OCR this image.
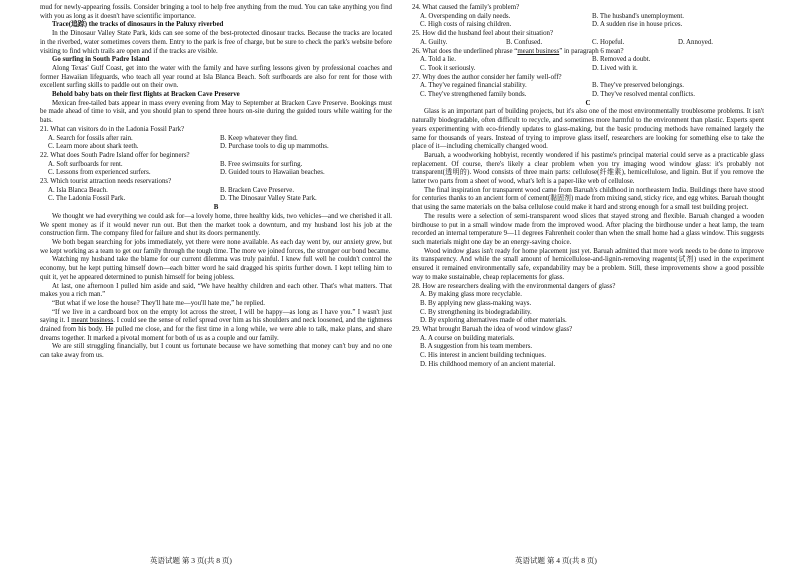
mud for newly-appearing fossils. Consider bringing a tool to help free anything from the mud. You can take anything you find with you as long as it doesn't have scientific importance.

Trace(追踪) the tracks of dinosaurs in the Paluxy riverbed

In the Dinosaur Valley State Park, kids can see some of the best-protected dinosaur tracks. Because the tracks are located in the riverbed, water sometimes covers them. Entry to the park is free of charge, but be sure to check the park's website before visiting to find which trails are open and if the tracks are visible.

Go surfing in South Padre Island

Along Texas' Gulf Coast, get into the water with the family and have surfing lessons given by professional coaches and former Hawaiian lifeguards, who teach all year round at Isla Blanca Beach. Soft surfboards are also for rent for those with excellent surfing skills to paddle out on their own.

Behold baby bats on their first flights at Bracken Cave Preserve

Mexican free-tailed bats appear in mass every evening from May to September at Bracken Cave Preserve. Bookings must be made ahead of time to visit, and you should plan to spend three hours on-site during the guided tours while waiting for the bats.

21. What can visitors do in the Ladonia Fossil Park?

A. Search for fossils after rain.	B. Keep whatever they find.
C. Learn more about shark teeth.	D. Purchase tools to dig up mammoths.

22. What does South Padre Island offer for beginners?

A. Soft surfboards for rent.	B. Free swimsuits for surfing.
C. Lessons from experienced surfers.	D. Guided tours to Hawaiian beaches.

23. Which tourist attraction needs reservations?

A. Isla Blanca Beach.	B. Bracken Cave Preserve.
C. The Ladonia Fossil Park.	D. The Dinosaur Valley State Park.

B

We thought we had everything we could ask for—a lovely home, three healthy kids, two vehicles—and we cherished it all. We spent money as if it would never run out. But then the market took a downturn, and my husband lost his job at the construction firm. The company filed for failure and shut its doors permanently.

We both began searching for jobs immediately, yet there were none available. As each day went by, our anxiety grew, but we kept working as a team to get our family through the tough time. The more we joined forces, the stronger our bond became.

Watching my husband take the blame for our current dilemma was truly painful. I knew full well he couldn't control the economy, but he kept putting himself down—each bitter word he said dragged his spirits further down. I kept telling him to quit it, yet he appeared determined to punish himself for being jobless.

At last, one afternoon I pulled him aside and said, “We have healthy children and each other. That's what matters. That makes you a rich man.”

“But what if we lose the house? They'll hate me—you'll hate me,” he replied.

“If we live in a cardboard box on the empty lot across the street, I will be happy—as long as I have you.” I wasn't just saying it. I meant business. I could see the sense of relief spread over him as his shoulders and neck loosened, and the tightness drained from his body. He pulled me close, and for the first time in a long while, we were able to talk, make plans, and share dreams together. It marked a pivotal moment for both of us as a couple and our family.

We are still struggling financially, but I count us fortunate because we have something that money can't buy and no one can take away from us.

24. What caused the family's problem?

A. Overspending on daily needs.	B. The husband's unemployment.
C. High costs of raising children.	D. A sudden rise in house prices.

25. How did the husband feel about their situation?

A. Guilty.	B. Confused.	C. Hopeful.	D. Annoyed.

26. What does the underlined phrase “meant business” in paragraph 6 mean?

A. Told a lie.	B. Removed a doubt.
C. Took it seriously.	D. Lived with it.

27. Why does the author consider her family well-off?

A. They've regained financial stability.	B. They've preserved belongings.
C. They've strengthened family bonds.	D. They've resolved mental conflicts.

C

Glass is an important part of building projects, but it's also one of the most environmentally troublesome problems. It isn't naturally biodegradable, often difficult to recycle, and sometimes more harmful to the environment than plastic. Experts spent years experimenting with eco-friendly updates to glass-making, but the basic producing methods have remained largely the same for thousands of years. Instead of trying to improve glass itself, researchers are looking for something else to take the place of it—including chemically changed wood.

Baruah, a woodworking hobbyist, recently wondered if his pastime's principal material could serve as a practicable glass replacement. Of course, there's likely a clear problem when you try imaging wood window glass: it's probably not transparent(透明的). Wood consists of three main parts: cellulose(纤维素), hemicellulose, and lignin. But if you remove the latter two parts from a sheet of wood, what's left is a paper-like web of cellulose.

The final inspiration for transparent wood came from Baruah's childhood in northeastern India. Buildings there have stood for centuries thanks to an ancient form of cement(黏固剂) made from mixing sand, sticky rice, and egg whites. Baruah thought that using the same materials on the balsa cellulose could make it hard and strong enough for a small test building project.

The results were a selection of semi-transparent wood slices that stayed strong and flexible. Baruah changed a wooden birdhouse to put in a small window made from the improved wood. After placing the birdhouse under a heat lamp, the team recorded an internal temperature 9—11 degrees Fahrenheit cooler than when the small home had a glass window. This suggests such materials might one day be an energy-saving choice.

Wood window glass isn't ready for home placement just yet. Baruah admitted that more work needs to be done to improve its transparency. And while the small amount of hemicellulose-and-lignin-removing reagents(试剂) used in the experiment ensured it remained environmentally safe, expandability may be a problem. Still, these improvements show a good possible way to make sustainable, cheap replacements for glass.

28. How are researchers dealing with the environmental dangers of glass?

A. By making glass more recyclable.
B. By applying new glass-making ways.
C. By strengthening its biodegradability.
D. By exploring alternatives made of other materials.

29. What brought Baruah the idea of wood window glass?

A. A course on building materials.
B. A suggestion from his team members.
C. His interest in ancient building techniques.
D. His childhood memory of an ancient material.
英语试题 第 3 页(共 8 页)	英语试题 第 4 页(共 8 页)
